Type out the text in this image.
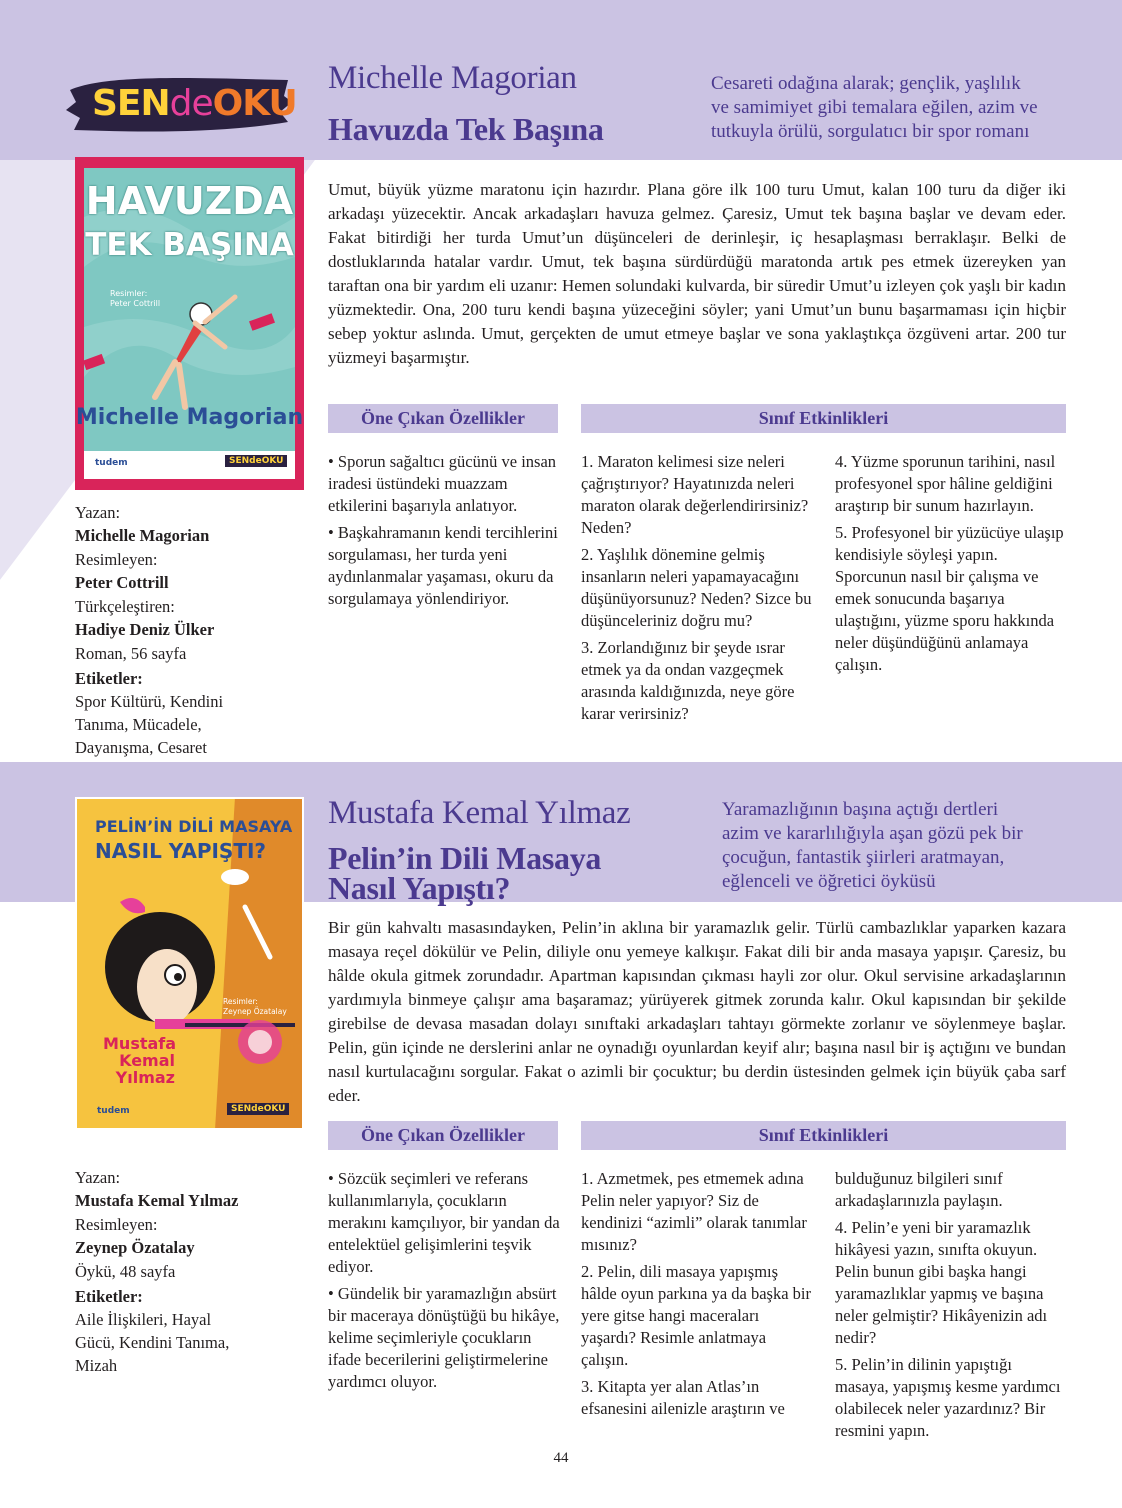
SENdeOKU
Michelle Magorian
Havuzda Tek Başına
Cesareti odağına alarak; gençlik, yaşlılık
ve samimiyet gibi temalara eğilen, azim ve
tutkuyla örülü, sorgulatıcı bir spor romanı
HAVUZDA
TEK BAŞINA
Resimler:
Peter Cottrill
Michelle Magorian
tudem	SENdeOKU
Umut, büyük yüzme maratonu için hazırdır. Plana göre ilk 100 turu Umut, kalan 100 turu da diğer iki arkadaşı yüzecektir. Ancak arkadaşları havuza gelmez. Çaresiz, Umut tek başına başlar ve devam eder. Fakat bitirdiği her turda Umut’un düşünceleri de derinleşir, iç hesaplaşması berraklaşır. Belki de dostluklarında hatalar vardır. Umut, tek başına sürdürdüğü maratonda artık pes etmek üzereyken yan taraftan ona bir yardım eli uzanır: Hemen solundaki kulvarda, bir süredir Umut’u izleyen çok yaşlı bir kadın yüzmektedir. Ona, 200 turu kendi başına yüzeceğini söyler; yani Umut’un bunu başarmaması için hiçbir sebep yoktur aslında. Umut, gerçekten de umut etmeye başlar ve sona yaklaştıkça özgüveni artar. 200 tur yüzmeyi başarmıştır.
Öne Çıkan Özellikler	Sınıf Etkinlikleri

• Sporun sağaltıcı gücünü ve insan iradesi üstündeki muazzam etkilerini başarıyla anlatıyor.

• Başkahramanın kendi tercihlerini sorgulaması, her turda yeni aydınlanmalar yaşaması, okuru da sorgulamaya yönlendiriyor.

1. Maraton kelimesi size neleri çağrıştırıyor? Hayatınızda neleri maraton olarak değerlendirirsiniz? Neden?

2. Yaşlılık dönemine gelmiş insanların neleri yapamayacağını düşünüyorsunuz? Neden? Sizce bu düşünceleriniz doğru mu?

3. Zorlandığınız bir şeyde ısrar etmek ya da ondan vazgeçmek arasında kaldığınızda, neye göre karar verirsiniz?

4. Yüzme sporunun tarihini, nasıl profesyonel spor hâline geldiğini araştırıp bir sunum hazırlayın.

5. Profesyonel bir yüzücüye ulaşıp kendisiyle söyleşi yapın. Sporcunun nasıl bir çalışma ve emek sonucunda başarıya ulaştığını, yüzme sporu hakkında neler düşündüğünü anlamaya çalışın.

Yazan:
Michelle Magorian
Resimleyen:
Peter Cottrill
Türkçeleştiren:
Hadiye Deniz Ülker
Roman, 56 sayfa
Etiketler:
Spor Kültürü, Kendini Tanıma, Mücadele, Dayanışma, Cesaret
Mustafa Kemal Yılmaz
Pelin’in Dili Masaya
Nasıl Yapıştı?
Yaramazlığının başına açtığı dertleri
azim ve kararlılığıyla aşan gözü pek bir
çocuğun, fantastik şiirleri aratmayan,
eğlenceli ve öğretici öyküsü
PELİN’İN DİLİ MASAYA
NASIL YAPIŞTI?
Resimler:
Zeynep Özatalay
Mustafa
Kemal
Yılmaz
tudem	SENdeOKU
Bir gün kahvaltı masasındayken, Pelin’in aklına bir yaramazlık gelir. Türlü cambazlıklar yaparken kazara masaya reçel dökülür ve Pelin, diliyle onu yemeye kalkışır. Fakat dili bir anda masaya yapışır. Çaresiz, bu hâlde okula gitmek zorundadır. Apartman kapısından çıkması hayli zor olur. Okul servisine arkadaşlarının yardımıyla binmeye çalışır ama başaramaz; yürüyerek gitmek zorunda kalır. Okul kapısından bir şekilde girebilse de devasa masadan dolayı sınıftaki arkadaşları tahtayı görmekte zorlanır ve söylenmeye başlar. Pelin, gün içinde ne derslerini anlar ne oynadığı oyunlardan keyif alır; başına nasıl bir iş açtığını ve bundan nasıl kurtulacağını sorgular. Fakat o azimli bir çocuktur; bu derdin üstesinden gelmek için büyük çaba sarf eder.
Öne Çıkan Özellikler	Sınıf Etkinlikleri

• Sözcük seçimleri ve referans kullanımlarıyla, çocukların merakını kamçılıyor, bir yandan da entelektüel gelişimlerini teşvik ediyor.

• Gündelik bir yaramazlığın absürt bir maceraya dönüştüğü bu hikâye, kelime seçimleriyle çocukların ifade becerilerini geliştirmelerine yardımcı oluyor.

1. Azmetmek, pes etmemek adına Pelin neler yapıyor? Siz de kendinizi “azimli” olarak tanımlar mısınız?

2. Pelin, dili masaya yapışmış hâlde oyun parkına ya da başka bir yere gitse hangi maceraları yaşardı? Resimle anlatmaya çalışın.

3. Kitapta yer alan Atlas’ın efsanesini ailenizle araştırın ve

bulduğunuz bilgileri sınıf arkadaşlarınızla paylaşın.

4. Pelin’e yeni bir yaramazlık hikâyesi yazın, sınıfta okuyun. Pelin bunun gibi başka hangi yaramazlıklar yapmış ve başına neler gelmiştir? Hikâyenizin adı nedir?

5. Pelin’in dilinin yapıştığı masaya, yapışmış kesme yardımcı olabilecek neler yazardınız? Bir resmini yapın.

Yazan:
Mustafa Kemal Yılmaz
Resimleyen:
Zeynep Özatalay
Öykü, 48 sayfa
Etiketler:
Aile İlişkileri, Hayal Gücü, Kendini Tanıma, Mizah
44
